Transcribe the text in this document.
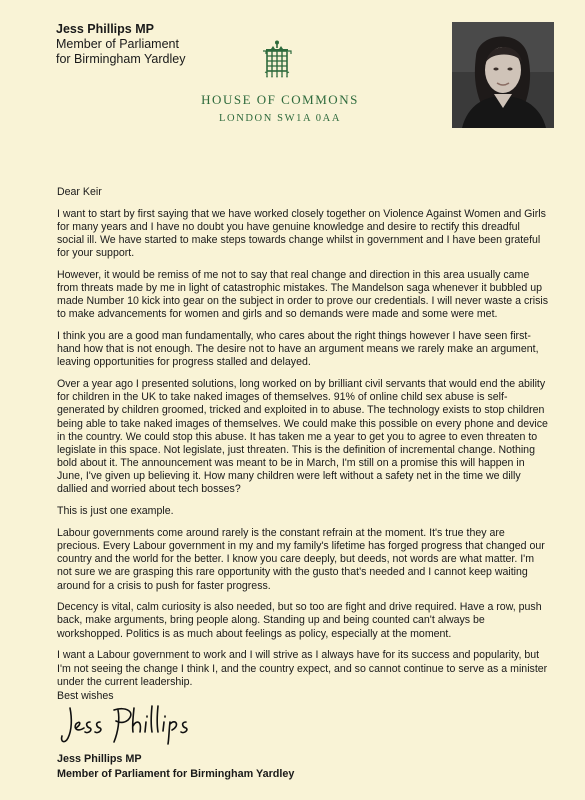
Jess Phillips MP
Member of Parliament
for Birmingham Yardley
HOUSE OF COMMONS
LONDON SW1A 0AA

Dear Keir

I want to start by first saying that we have worked closely together on Violence Against Women and Girls for many years and I have no doubt you have genuine knowledge and desire to rectify this dreadful social ill. We have started to make steps towards change whilst in government and I have been grateful for your support.

However, it would be remiss of me not to say that real change and direction in this area usually came from threats made by me in light of catastrophic mistakes. The Mandelson saga whenever it bubbled up made Number 10 kick into gear on the subject in order to prove our credentials. I will never waste a crisis to make advancements for women and girls and so demands were made and some were met.

I think you are a good man fundamentally, who cares about the right things however I have seen first-hand how that is not enough. The desire not to have an argument means we rarely make an argument, leaving opportunities for progress stalled and delayed.

Over a year ago I presented solutions, long worked on by brilliant civil servants that would end the ability for children in the UK to take naked images of themselves. 91% of online child sex abuse is self-generated by children groomed, tricked and exploited in to abuse. The technology exists to stop children being able to take naked images of themselves. We could make this possible on every phone and device in the country. We could stop this abuse. It has taken me a year to get you to agree to even threaten to legislate in this space. Not legislate, just threaten. This is the definition of incremental change. Nothing bold about it. The announcement was meant to be in March, I'm still on a promise this will happen in June, I've given up believing it. How many children were left without a safety net in the time we dilly dallied and worried about tech bosses?

This is just one example.

Labour governments come around rarely is the constant refrain at the moment. It's true they are precious. Every Labour government in my and my family's lifetime has forged progress that changed our country and the world for the better. I know you care deeply, but deeds, not words are what matter. I'm not sure we are grasping this rare opportunity with the gusto that's needed and I cannot keep waiting around for a crisis to push for faster progress.

Decency is vital, calm curiosity is also needed, but so too are fight and drive required. Have a row, push back, make arguments, bring people along. Standing up and being counted can't always be workshopped. Politics is as much about feelings as policy, especially at the moment.

I want a Labour government to work and I will strive as I always have for its success and popularity, but I'm not seeing the change I think I, and the country expect, and so cannot continue to serve as a minister under the current leadership.

Best wishes
Jess Phillips MP
Member of Parliament for Birmingham Yardley
